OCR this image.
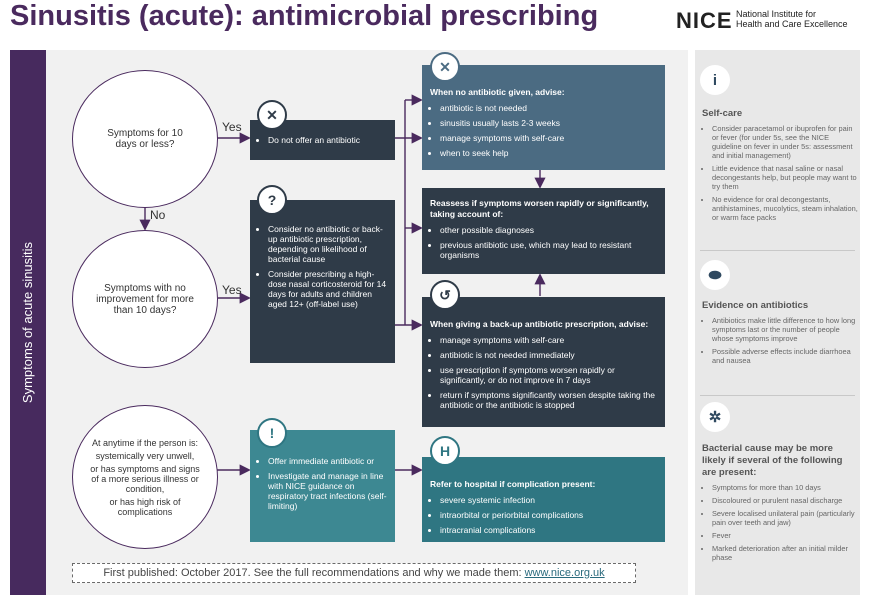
Sinusitis (acute): antimicrobial prescribing	NICE National Institute for
Health and Care Excellence
Symptoms of acute sinusitis
Symptoms for 10 days or less?
Symptoms with no improvement for more than 10 days?
At anytime if the person is:
systemically very unwell,
or has symptoms and signs of a more serious illness or condition,
or has high risk of complications
Yes
No
Yes
• Do not offer an antibiotic
✕
• Consider no antibiotic or back-up antibiotic prescription, depending on likelihood of bacterial cause
• Consider prescribing a high-dose nasal corticosteroid for 14 days for adults and children aged 12+ (off-label use)
?
• Offer immediate antibiotic or
• Investigate and manage in line with NICE guidance on respiratory tract infections (self-limiting)
!
When no antibiotic given, advise:
• antibiotic is not needed
• sinusitis usually lasts 2-3 weeks
• manage symptoms with self-care
• when to seek help
✕
Reassess if symptoms worsen rapidly or significantly, taking account of:
• other possible diagnoses
• previous antibiotic use, which may lead to resistant organisms
When giving a back-up antibiotic prescription, advise:
• manage symptoms with self-care
• antibiotic is not needed immediately
• use prescription if symptoms worsen rapidly or significantly, or do not improve in 7 days
• return if symptoms significantly worsen despite taking the antibiotic or the antibiotic is stopped
↺
Refer to hospital if complication present:
• severe systemic infection
• intraorbital or periorbital complications
• intracranial complications
H
i
Self-care
• Consider paracetamol or ibuprofen for pain or fever (for under 5s, see the NICE guideline on fever in under 5s: assessment and initial management)
• Little evidence that nasal saline or nasal decongestants help, but people may want to try them
• No evidence for oral decongestants, antihistamines, mucolytics, steam inhalation, or warm face packs
⬬
Evidence on antibiotics
• Antibiotics make little difference to how long symptoms last or the number of people whose symptoms improve
• Possible adverse effects include diarrhoea and nausea
✲
Bacterial cause may be more likely if several of the following are present:
• Symptoms for more than 10 days
• Discoloured or purulent nasal discharge
• Severe localised unilateral pain (particularly pain over teeth and jaw)
• Fever
• Marked deterioration after an initial milder phase
First published: October 2017. See the full recommendations and why we made them: www.nice.org.uk
